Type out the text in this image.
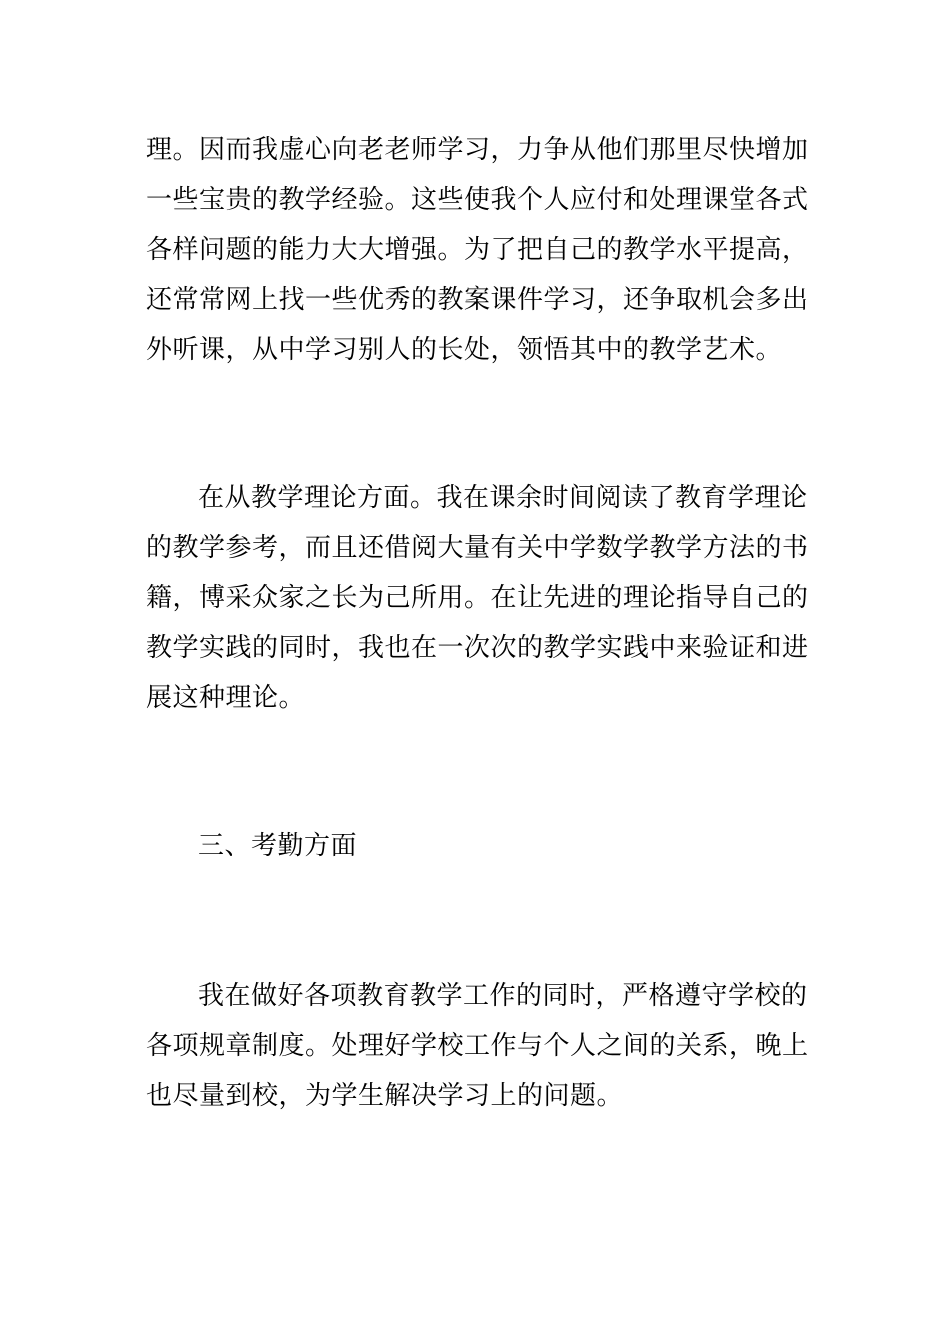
理。因而我虚心向老老师学习，力争从他们那里尽快增加
一些宝贵的教学经验。这些使我个人应付和处理课堂各式
各样问题的能力大大增强。为了把自己的教学水平提高，
还常常网上找一些优秀的教案课件学习，还争取机会多出
外听课，从中学习别人的长处，领悟其中的教学艺术。
在从教学理论方面。我在课余时间阅读了教育学理论
的教学参考，而且还借阅大量有关中学数学教学方法的书
籍，博采众家之长为己所用。在让先进的理论指导自己的
教学实践的同时，我也在一次次的教学实践中来验证和进
展这种理论。
三、考勤方面
我在做好各项教育教学工作的同时，严格遵守学校的
各项规章制度。处理好学校工作与个人之间的关系，晚上
也尽量到校，为学生解决学习上的问题。
